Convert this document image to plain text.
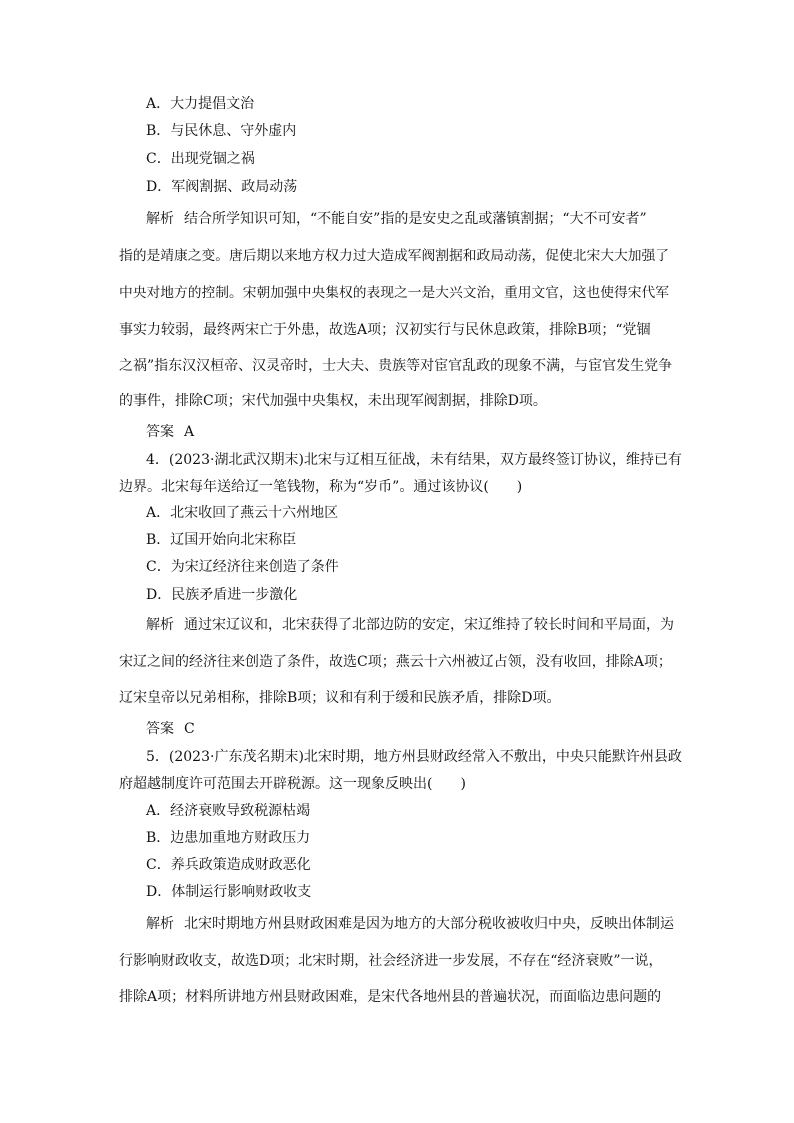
A．大力提倡文治
B．与民休息、守外虚内
C．出现党锢之祸
D．军阀割据、政局动荡
解析 结合所学知识可知，“不能自安”指的是安史之乱或藩镇割据；“大不可安者”
指的是靖康之变。唐后期以来地方权力过大造成军阀割据和政局动荡，促使北宋大大加强了
中央对地方的控制。宋朝加强中央集权的表现之一是大兴文治，重用文官，这也使得宋代军
事实力较弱，最终两宋亡于外患，故选A项；汉初实行与民休息政策，排除B项；“党锢
之祸”指东汉汉桓帝、汉灵帝时，士大夫、贵族等对宦官乱政的现象不满，与宦官发生党争
的事件，排除C项；宋代加强中央集权，未出现军阀割据，排除D项。
答案 A
4．(2023·湖北武汉期末)北宋与辽相互征战，未有结果，双方最终签订协议，维持已有
边界。北宋每年送给辽一笔钱物，称为“岁币”。通过该协议(　　)
A．北宋收回了燕云十六州地区
B．辽国开始向北宋称臣
C．为宋辽经济往来创造了条件
D．民族矛盾进一步激化
解析 通过宋辽议和，北宋获得了北部边防的安定，宋辽维持了较长时间和平局面，为
宋辽之间的经济往来创造了条件，故选C项；燕云十六州被辽占领，没有收回，排除A项；
辽宋皇帝以兄弟相称，排除B项；议和有利于缓和民族矛盾，排除D项。
答案 C
5．(2023·广东茂名期末)北宋时期，地方州县财政经常入不敷出，中央只能默许州县政
府超越制度许可范围去开辟税源。这一现象反映出(　　)
A．经济衰败导致税源枯竭
B．边患加重地方财政压力
C．养兵政策造成财政恶化
D．体制运行影响财政收支
解析 北宋时期地方州县财政困难是因为地方的大部分税收被收归中央，反映出体制运
行影响财政收支，故选D项；北宋时期，社会经济进一步发展，不存在“经济衰败”一说，
排除A项；材料所讲地方州县财政困难，是宋代各地州县的普遍状况，而面临边患问题的
